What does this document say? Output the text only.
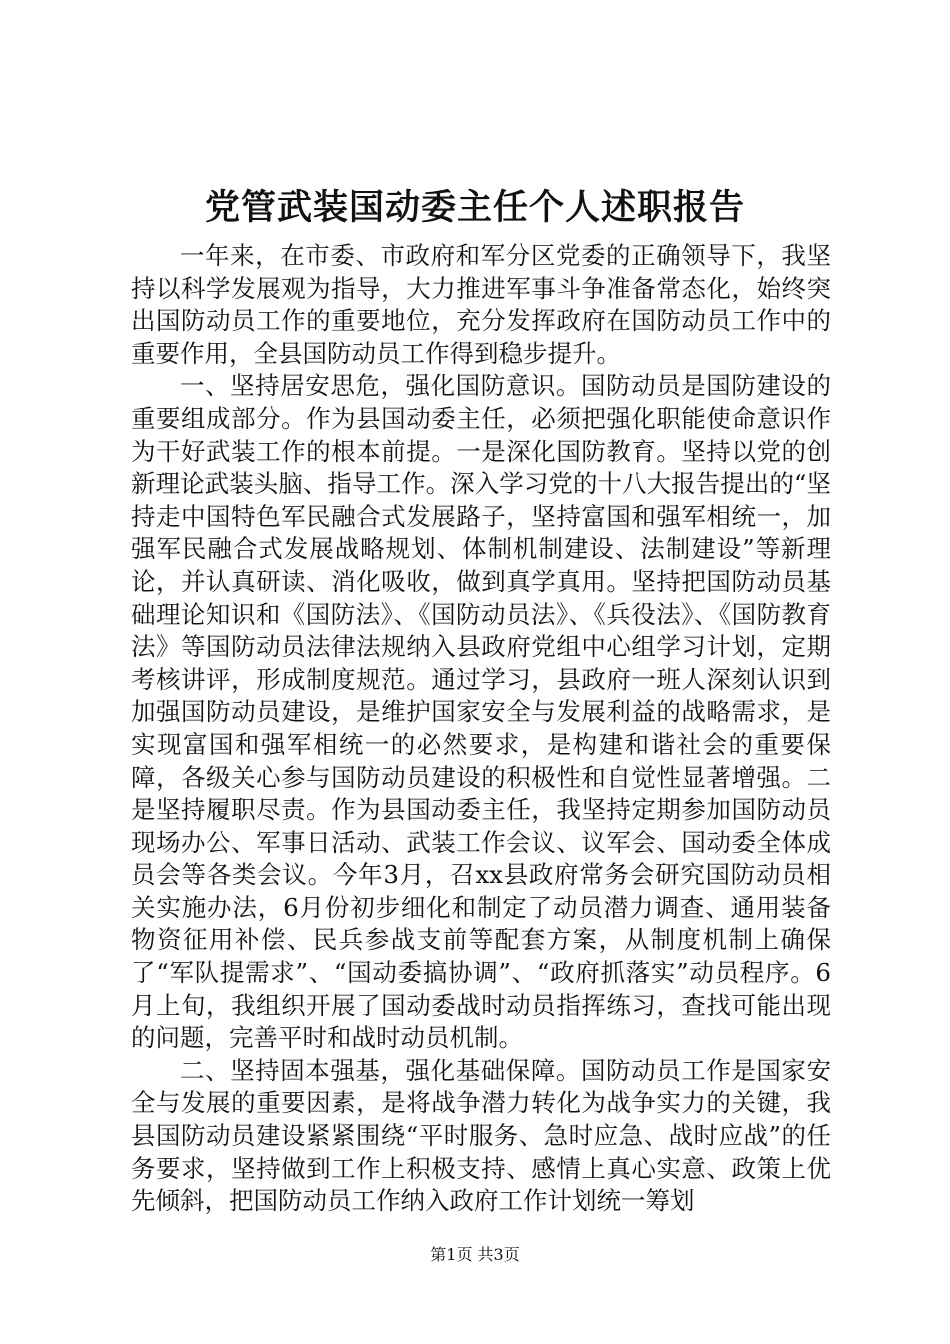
党管武装国动委主任个人述职报告

一年来，在市委、市政府和军分区党委的正确领导下，我坚持以科学发展观为指导，大力推进军事斗争准备常态化，始终突出国防动员工作的重要地位，充分发挥政府在国防动员工作中的重要作用，全县国防动员工作得到稳步提升。

一、坚持居安思危，强化国防意识。国防动员是国防建设的重要组成部分。作为县国动委主任，必须把强化职能使命意识作为干好武装工作的根本前提。一是深化国防教育。坚持以党的创新理论武装头脑、指导工作。深入学习党的十八大报告提出的“坚持走中国特色军民融合式发展路子，坚持富国和强军相统一，加强军民融合式发展战略规划、体制机制建设、法制建设”等新理论，并认真研读、消化吸收，做到真学真用。坚持把国防动员基础理论知识和《国防法》、《国防动员法》、《兵役法》、《国防教育法》等国防动员法律法规纳入县政府党组中心组学习计划，定期考核讲评，形成制度规范。通过学习，县政府一班人深刻认识到加强国防动员建设，是维护国家安全与发展利益的战略需求，是实现富国和强军相统一的必然要求，是构建和谐社会的重要保障，各级关心参与国防动员建设的积极性和自觉性显著增强。二是坚持履职尽责。作为县国动委主任，我坚持定期参加国防动员现场办公、军事日活动、武装工作会议、议军会、国动委全体成员会等各类会议。今年3月，召xx县政府常务会研究国防动员相关实施办法，6月份初步细化和制定了动员潜力调查、通用装备物资征用补偿、民兵参战支前等配套方案，从制度机制上确保了“军队提需求”、“国动委搞协调”、“政府抓落实”动员程序。6月上旬，我组织开展了国动委战时动员指挥练习，查找可能出现的问题，完善平时和战时动员机制。

二、坚持固本强基，强化基础保障。国防动员工作是国家安全与发展的重要因素，是将战争潜力转化为战争实力的关键，我县国防动员建设紧紧围绕“平时服务、急时应急、战时应战”的任务要求，坚持做到工作上积极支持、感情上真心实意、政策上优先倾斜，把国防动员工作纳入政府工作计划统一筹划

第1页 共3页
